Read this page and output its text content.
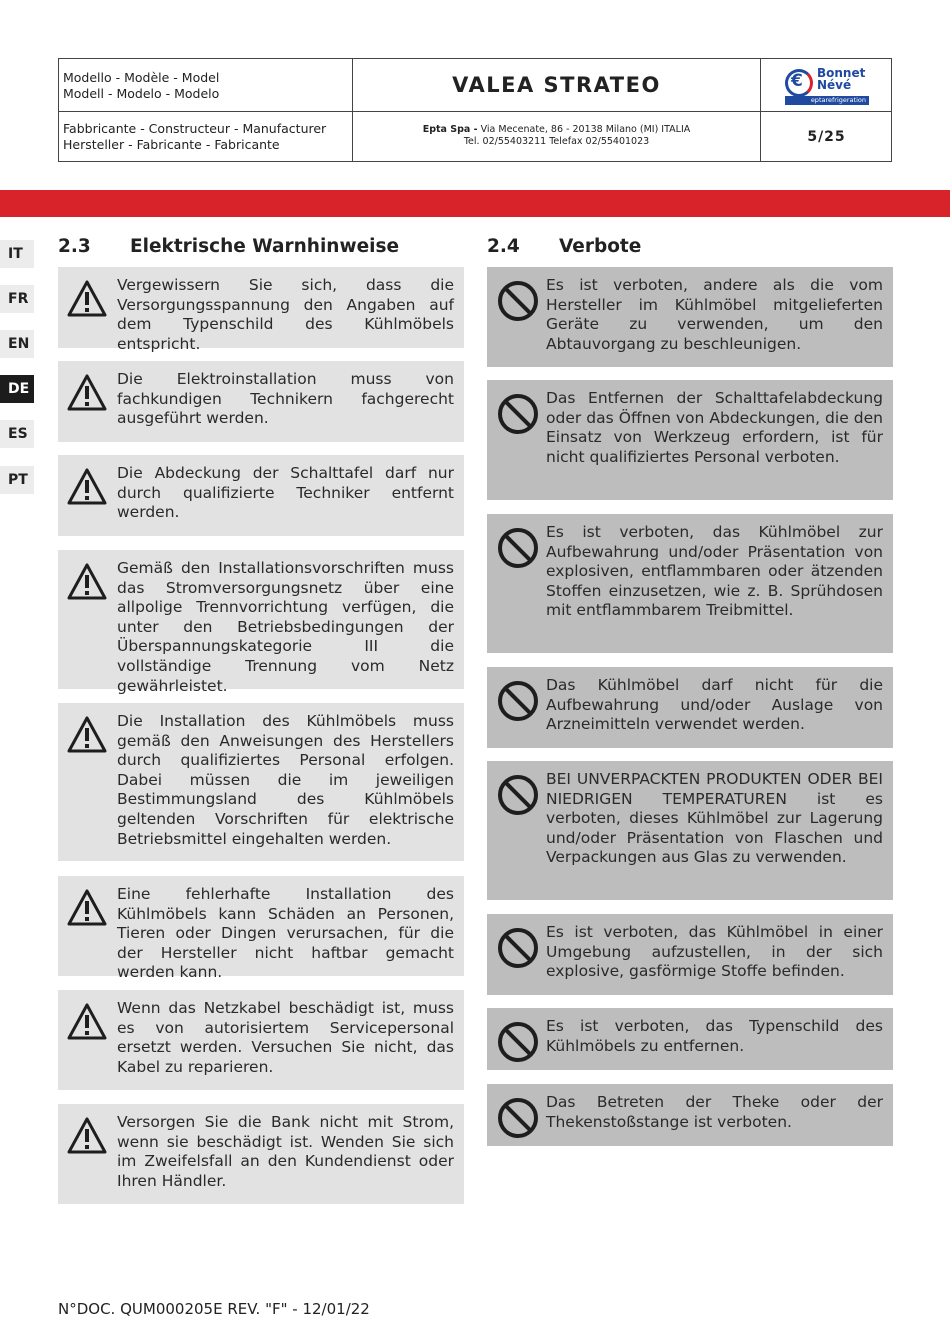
Modello - Modèle - Model
Modell - Modelo - Modelo	VALEA STRATEO	€ Bonnet
Névé
eptarefrigeration
Fabbricante - Constructeur - Manufacturer
Hersteller - Fabricante - Fabricante
Epta Spa - Via Mecenate, 86 - 20138 Milano (MI) ITALIA
Tel. 02/55403211 Telefax 02/55401023	5/25
IT
FR
EN
DE
ES
PT
2.3 Elektrische Warnhinweise	2.4 Verbote
Vergewissern Sie sich, dass die Versorgungsspannung den Angaben auf dem Typenschild des Kühlmöbels entspricht.
Die Elektroinstallation muss von fachkundigen Technikern fachgerecht ausgeführt werden.
Die Abdeckung der Schalttafel darf nur durch qualifizierte Techniker entfernt werden.
Gemäß den Installationsvorschriften muss das Stromversorgungsnetz über eine allpolige Trennvorrichtung verfügen, die unter den Betriebsbedingungen der Überspannungskategorie III die vollständige Trennung vom Netz gewährleistet.
Die Installation des Kühlmöbels muss gemäß den Anweisungen des Herstellers durch qualifiziertes Personal erfolgen. Dabei müssen die im jeweiligen Bestimmungsland des Kühlmöbels geltenden Vorschriften für elektrische Betriebsmittel eingehalten werden.
Eine fehlerhafte Installation des Kühlmöbels kann Schäden an Personen, Tieren oder Dingen verursachen, für die der Hersteller nicht haftbar gemacht werden kann.
Wenn das Netzkabel beschädigt ist, muss es von autorisiertem Servicepersonal ersetzt werden. Versuchen Sie nicht, das Kabel zu reparieren.
Versorgen Sie die Bank nicht mit Strom, wenn sie beschädigt ist. Wenden Sie sich im Zweifelsfall an den Kundendienst oder Ihren Händler.
Es ist verboten, andere als die vom Hersteller im Kühlmöbel mitgelieferten Geräte zu verwenden, um den Abtauvorgang zu beschleunigen.
Das Entfernen der Schalttafelabdeckung oder das Öffnen von Abdeckungen, die den Einsatz von Werkzeug erfordern, ist für nicht qualifiziertes Personal verboten.
Es ist verboten, das Kühlmöbel zur Aufbewahrung und/oder Präsentation von explosiven, entflammbaren oder ätzenden Stoffen einzusetzen, wie z. B. Sprühdosen mit entflammbarem Treibmittel.
Das Kühlmöbel darf nicht für die Aufbewahrung und/oder Auslage von Arzneimitteln verwendet werden.
BEI UNVERPACKTEN PRODUKTEN ODER BEI NIEDRIGEN TEMPERATUREN ist es verboten, dieses Kühlmöbel zur Lagerung und/oder Präsentation von Flaschen und Verpackungen aus Glas zu verwenden.
Es ist verboten, das Kühlmöbel in einer Umgebung aufzustellen, in der sich explosive, gasförmige Stoffe befinden.
Es ist verboten, das Typenschild des Kühlmöbels zu entfernen.
Das Betreten der Theke oder der Thekenstoßstange ist verboten.
N°DOC. QUM000205E REV. "F" - 12/01/22
